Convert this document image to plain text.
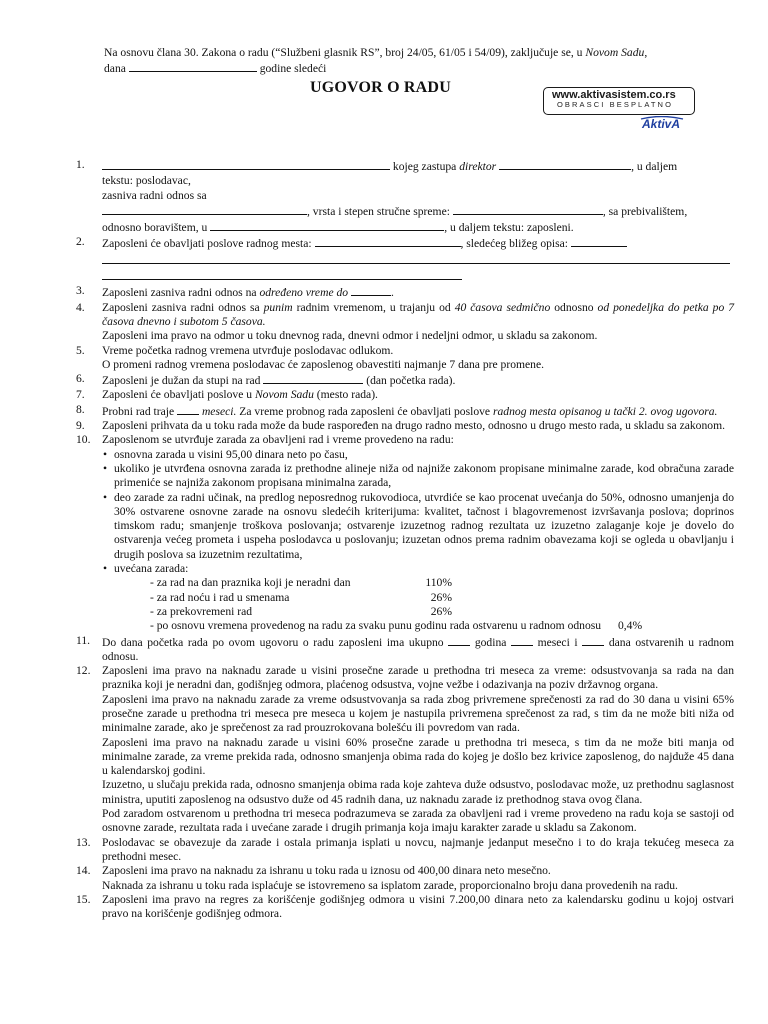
Na osnovu člana 30. Zakona o radu (“Službeni glasnik RS”, broj 24/05, 61/05 i 54/09), zaključuje se, u Novom Sadu,
dana	godine sledeći
UGOVOR O RADU	www.aktivasistem.co.rs
OBRASCI BESPLATNO
AktivA
1.	kojeg zastupa direktor	, u daljem
tekstu: poslodavac,
zasniva radni odnos sa
, vrsta i stepen stručne spreme:	, sa prebivalištem,
odnosno boravištem, u	, u daljem tekstu: zaposleni.
2. Zaposleni će obavljati poslove radnog mesta:	, sledećeg bližeg opisa:

3. Zaposleni zasniva radni odnos na određeno vreme do	.
4. Zaposleni zasniva radni odnos sa punim radnim vremenom, u trajanju od 40 časova sedmično odnosno od ponedeljka do petka po 7 časova dnevno i subotom 5 časova.
Zaposleni ima pravo na odmor u toku dnevnog rada, dnevni odmor i nedeljni odmor, u skladu sa zakonom.
5. Vreme početka radnog vremena utvrđuje poslodavac odlukom.
O promeni radnog vremena poslodavac će zaposlenog obavestiti najmanje 7 dana pre promene.
6. Zaposleni je dužan da stupi na rad	(dan početka rada).
7. Zaposleni će obavljati poslove u Novom Sadu (mesto rada).
8. Probni rad traje meseci. Za vreme probnog rada zaposleni će obavljati poslove radnog mesta opisanog u tački 2. ovog ugovora.
9. Zaposleni prihvata da u toku rada može da bude raspoređen na drugo radno mesto, odnosno u drugo mesto rada, u skladu sa zakonom.
10. Zaposlenom se utvrđuje zarada za obavljeni rad i vreme provedeno na radu:
• osnovna zarada u visini 95,00 dinara neto po času,
• ukoliko je utvrđena osnovna zarada iz prethodne alineje niža od najniže zakonom propisane minimalne zarade, kod obračuna zarade primeniće se najniža zakonom propisana minimalna zarada,
• deo zarade za radni učinak, na predlog neposrednog rukovodioca, utvrdiće se kao procenat uvećanja do 50%, odnosno umanjenja do 30% ostvarene osnovne zarade na osnovu sledećih kriterijuma: kvalitet, tačnost i blagovremenost izvršavanja poslova; doprinos timskom radu; smanjenje troškova poslovanja; ostvarenje izuzetnog radnog rezultata uz izuzetno zalaganje koje je dovelo do ostvarenja većeg prometa i uspeha poslodavca u poslovanju; izuzetan odnos prema radnim obavezama koji se ogleda u obavljanju i drugih poslova sa izuzetnim rezultatima,
• uvećana zarada:
- za rad na dan praznika koji je neradni dan	110%
- za rad noću i rad u smenama	26%
- za prekovremeni rad	26%
- po osnovu vremena provedenog na radu za svaku punu godinu rada ostvarenu u radnom odnosu 0,4%
11. Do dana početka rada po ovom ugovoru o radu zaposleni ima ukupno	godina	meseci i	dana ostvarenih u radnom odnosu.
12. Zaposleni ima pravo na naknadu zarade u visini prosečne zarade u prethodna tri meseca za vreme: odsustvovanja sa rada na dan praznika koji je neradni dan, godišnjeg odmora, plaćenog odsustva, vojne vežbe i odazivanja na poziv državnog organa.
Zaposleni ima pravo na naknadu zarade za vreme odsustvovanja sa rada zbog privremene sprečenosti za rad do 30 dana u visini 65% prosečne zarade u prethodna tri meseca pre meseca u kojem je nastupila privremena sprečenost za rad, s tim da ne može biti niža od minimalne zarade, ako je sprečenost za rad prouzrokovana bolešću ili povredom van rada.
Zaposleni ima pravo na naknadu zarade u visini 60% prosečne zarade u prethodna tri meseca, s tim da ne može biti manja od minimalne zarade, za vreme prekida rada, odnosno smanjenja obima rada do kojeg je došlo bez krivice zaposlenog, do najduže 45 dana u kalendarskoj godini.
Izuzetno, u slučaju prekida rada, odnosno smanjenja obima rada koje zahteva duže odsustvo, poslodavac može, uz prethodnu saglasnost ministra, uputiti zaposlenog na odsustvo duže od 45 radnih dana, uz naknadu zarade iz prethodnog stava ovog člana.
Pod zaradom ostvarenom u prethodna tri meseca podrazumeva se zarada za obavljeni rad i vreme provedeno na radu koja se sastoji od osnovne zarade, rezultata rada i uvećane zarade i drugih primanja koja imaju karakter zarade u skladu sa Zakonom.
13. Poslodavac se obavezuje da zarade i ostala primanja isplati u novcu, najmanje jedanput mesečno i to do kraja tekućeg meseca za prethodni mesec.
14. Zaposleni ima pravo na naknadu za ishranu u toku rada u iznosu od 400,00 dinara neto mesečno.
Naknada za ishranu u toku rada isplaćuje se istovremeno sa isplatom zarade, proporcionalno broju dana provedenih na radu.
15. Zaposleni ima pravo na regres za korišćenje godišnjeg odmora u visini 7.200,00 dinara neto za kalendarsku godinu u kojoj ostvari pravo na korišćenje godišnjeg odmora.
